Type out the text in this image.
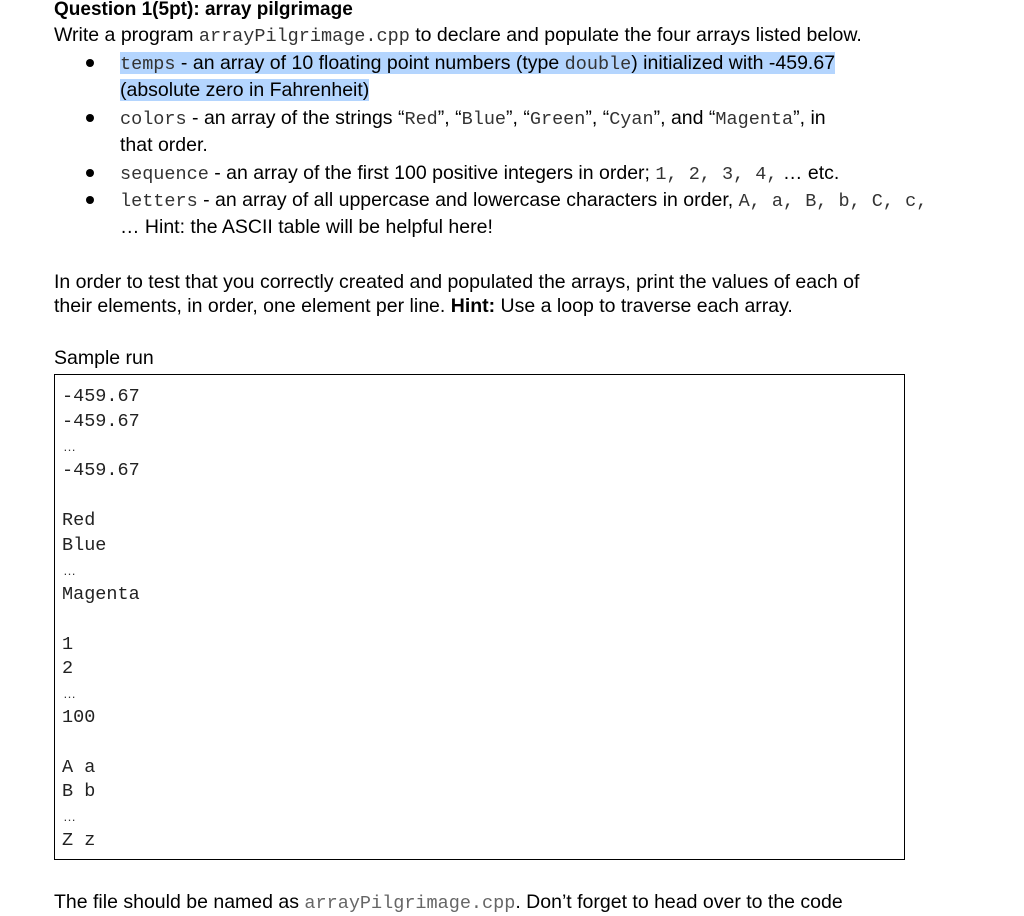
Question 1(5pt): array pilgrimage
Write a program arrayPilgrimage.cpp to declare and populate the four arrays listed below.
temps - an array of 10 floating point numbers (type double) initialized with -459.67
(absolute zero in Fahrenheit)
colors - an array of the strings “Red”, “Blue”, “Green”, “Cyan”, and “Magenta”, in
that order.
sequence - an array of the first 100 positive integers in order; 1, 2, 3, 4, … etc.
letters - an array of all uppercase and lowercase characters in order, A, a, B, b, C, c,
… Hint: the ASCII table will be helpful here!
In order to test that you correctly created and populated the arrays, print the values of each of
their elements, in order, one element per line. Hint: Use a loop to traverse each array.
Sample run
-459.67
-459.67
…
-459.67
Red
Blue
…
Magenta
1
2
…
100
A a
B b
…
Z z
The file should be named as arrayPilgrimage.cpp. Don’t forget to head over to the code
